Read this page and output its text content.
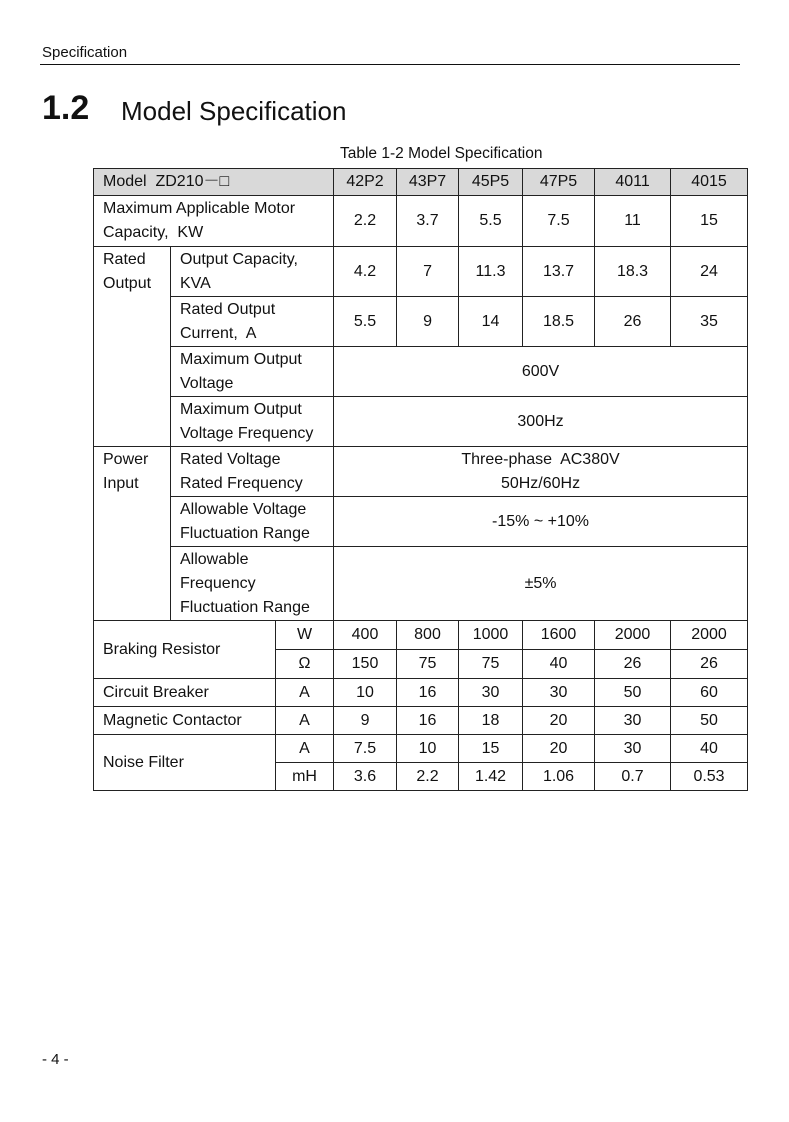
Specification
1.2 Model Specification
Table 1-2 Model Specification
Model  ZD210－□			42P2	43P7	45P5	47P5	4011	4015
Maximum Applicable Motor
Capacity,  KW			2.2	3.7	5.5	7.5	11	15
Rated
Output	Output Capacity,
KVA		4.2	7	11.3	13.7	18.3	24
	Rated Output
Current,  A		5.5	9	14	18.5	26	35
	Maximum Output
Voltage		600V					
	Maximum Output
Voltage Frequency		300Hz					
Power
Input	Rated Voltage
Rated Frequency		Three-phase  AC380V
50Hz/60Hz					
	Allowable Voltage
Fluctuation Range		-15% ~ +10%					
	Allowable
Frequency
Fluctuation Range		±5%					
Braking Resistor		W	400	800	1000	1600	2000	2000
		Ω	150	75	75	40	26	26
Circuit Breaker		A	10	16	30	30	50	60
Magnetic Contactor		A	9	16	18	20	30	50
Noise Filter		A	7.5	10	15	20	30	40
		mH	3.6	2.2	1.42	1.06	0.7	0.53
- 4 -
